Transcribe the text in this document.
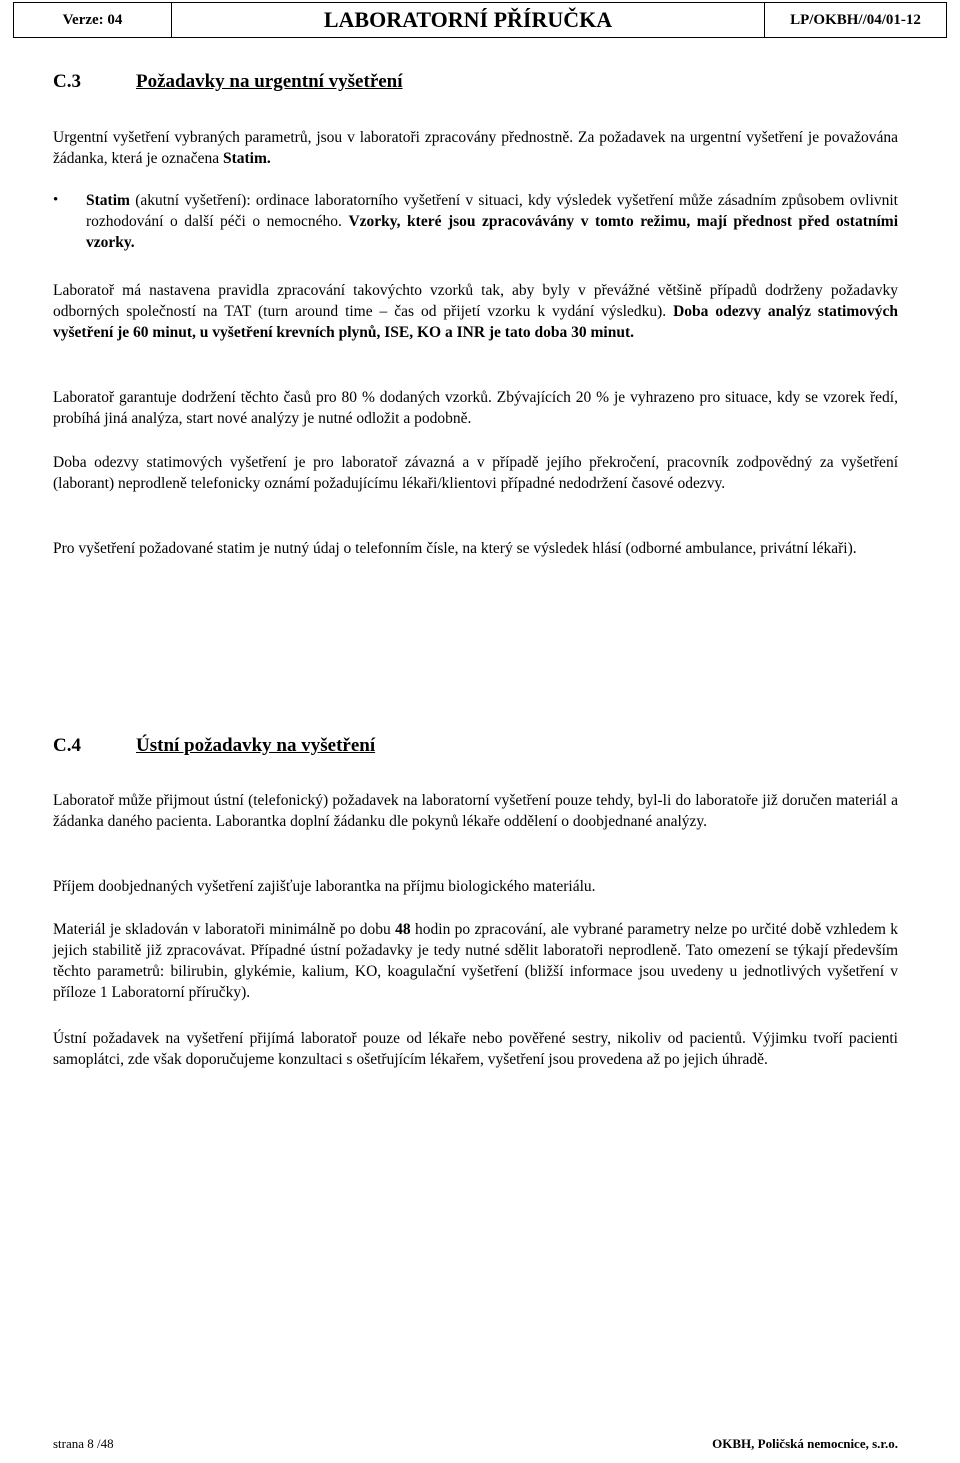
Verze: 04	LABORATORNÍ PŘÍRUČKA	LP/OKBH//04/01-12
C.3	Požadavky na urgentní vyšetření

Urgentní vyšetření vybraných parametrů, jsou v laboratoři zpracovány přednostně. Za požadavek na urgentní vyšetření je považována žádanka, která je označena Statim.

• Statim (akutní vyšetření): ordinace laboratorního vyšetření v situaci, kdy výsledek vyšetření může zásadním způsobem ovlivnit rozhodování o další péči o nemocného. Vzorky, které jsou zpracovávány v tomto režimu, mají přednost před ostatními vzorky.

Laboratoř má nastavena pravidla zpracování takovýchto vzorků tak, aby byly v převážné většině případů dodrženy požadavky odborných společností na TAT (turn around time – čas od přijetí vzorku k vydání výsledku). Doba odezvy analýz statimových vyšetření je 60 minut, u vyšetření krevních plynů, ISE, KO a INR je tato doba 30 minut.

Laboratoř garantuje dodržení těchto časů pro 80 % dodaných vzorků. Zbývajících 20 % je vyhrazeno pro situace, kdy se vzorek ředí, probíhá jiná analýza, start nové analýzy je nutné odložit a podobně.

Doba odezvy statimových vyšetření je pro laboratoř závazná a v případě jejího překročení, pracovník zodpovědný za vyšetření (laborant) neprodleně telefonicky oznámí požadujícímu lékaři/klientovi případné nedodržení časové odezvy.

Pro vyšetření požadované statim je nutný údaj o telefonním čísle, na který se výsledek hlásí (odborné ambulance, privátní lékaři).

C.4	Ústní požadavky na vyšetření

Laboratoř může přijmout ústní (telefonický) požadavek na laboratorní vyšetření pouze tehdy, byl-li do laboratoře již doručen materiál a žádanka daného pacienta. Laborantka doplní žádanku dle pokynů lékaře oddělení o doobjednané analýzy.

Příjem doobjednaných vyšetření zajišťuje laborantka na příjmu biologického materiálu.

Materiál je skladován v laboratoři minimálně po dobu 48 hodin po zpracování, ale vybrané parametry nelze po určité době vzhledem k jejich stabilitě již zpracovávat. Případné ústní požadavky je tedy nutné sdělit laboratoři neprodleně. Tato omezení se týkají především těchto parametrů: bilirubin, glykémie, kalium, KO, koagulační vyšetření (bližší informace jsou uvedeny u jednotlivých vyšetření v příloze 1 Laboratorní příručky).

Ústní požadavek na vyšetření přijímá laboratoř pouze od lékaře nebo pověřené sestry, nikoliv od pacientů. Výjimku tvoří pacienti samoplátci, zde však doporučujeme konzultaci s ošetřujícím lékařem, vyšetření jsou provedena až po jejich úhradě.

strana 8 /48	OKBH, Poličská nemocnice, s.r.o.
